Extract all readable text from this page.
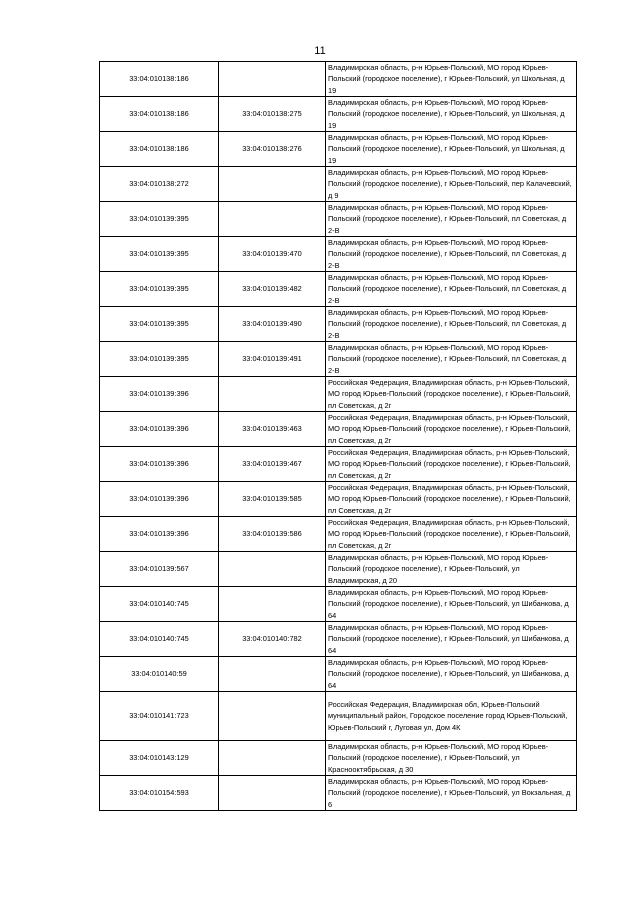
11
33:04:010138:186		Владимирская область, р-н Юрьев-Польский, МО город Юрьев-Польский (городское поселение), г Юрьев-Польский, ул Школьная, д 19
33:04:010138:186	33:04:010138:275	Владимирская область, р-н Юрьев-Польский, МО город Юрьев-Польский (городское поселение), г Юрьев-Польский, ул Школьная, д 19
33:04:010138:186	33:04:010138:276	Владимирская область, р-н Юрьев-Польский, МО город Юрьев-Польский (городское поселение), г Юрьев-Польский, ул Школьная, д 19
33:04:010138:272		Владимирская область, р-н Юрьев-Польский, МО город Юрьев-Польский (городское поселение), г Юрьев-Польский, пер Калачевский, д 9
33:04:010139:395		Владимирская область, р-н Юрьев-Польский, МО город Юрьев-Польский (городское поселение), г Юрьев-Польский, пл Советская, д 2-В
33:04:010139:395	33:04:010139:470	Владимирская область, р-н Юрьев-Польский, МО город Юрьев-Польский (городское поселение), г Юрьев-Польский, пл Советская, д 2-В
33:04:010139:395	33:04:010139:482	Владимирская область, р-н Юрьев-Польский, МО город Юрьев-Польский (городское поселение), г Юрьев-Польский, пл Советская, д 2-В
33:04:010139:395	33:04:010139:490	Владимирская область, р-н Юрьев-Польский, МО город Юрьев-Польский (городское поселение), г Юрьев-Польский, пл Советская, д 2-В
33:04:010139:395	33:04:010139:491	Владимирская область, р-н Юрьев-Польский, МО город Юрьев-Польский (городское поселение), г Юрьев-Польский, пл Советская, д 2-В
33:04:010139:396		Российская Федерация, Владимирская область, р-н Юрьев-Польский, МО город Юрьев-Польский (городское поселение), г Юрьев-Польский, пл Советская, д 2г
33:04:010139:396	33:04:010139:463	Российская Федерация, Владимирская область, р-н Юрьев-Польский, МО город Юрьев-Польский (городское поселение), г Юрьев-Польский, пл Советская, д 2г
33:04:010139:396	33:04:010139:467	Российская Федерация, Владимирская область, р-н Юрьев-Польский, МО город Юрьев-Польский (городское поселение), г Юрьев-Польский, пл Советская, д 2г
33:04:010139:396	33:04:010139:585	Российская Федерация, Владимирская область, р-н Юрьев-Польский, МО город Юрьев-Польский (городское поселение), г Юрьев-Польский, пл Советская, д 2г
33:04:010139:396	33:04:010139:586	Российская Федерация, Владимирская область, р-н Юрьев-Польский, МО город Юрьев-Польский (городское поселение), г Юрьев-Польский, пл Советская, д 2г
33:04:010139:567		Владимирская область, р-н Юрьев-Польский, МО город Юрьев-Польский (городское поселение), г Юрьев-Польский, ул Владимирская, д 20
33:04:010140:745		Владимирская область, р-н Юрьев-Польский, МО город Юрьев-Польский (городское поселение), г Юрьев-Польский, ул Шибанкова, д 64
33:04:010140:745	33:04:010140:782	Владимирская область, р-н Юрьев-Польский, МО город Юрьев-Польский (городское поселение), г Юрьев-Польский, ул Шибанкова, д 64
33:04:010140:59		Владимирская область, р-н Юрьев-Польский, МО город Юрьев-Польский (городское поселение), г Юрьев-Польский, ул Шибанкова, д 64
33:04:010141:723		Российская Федерация, Владимирская обл, Юрьев-Польский муниципальный район, Городское поселение город Юрьев-Польский, Юрьев-Польский г, Луговая ул, Дом 4К
33:04:010143:129		Владимирская область, р-н Юрьев-Польский, МО город Юрьев-Польский (городское поселение), г Юрьев-Польский, ул Краснооктябрьская, д 30
33:04:010154:593		Владимирская область, р-н Юрьев-Польский, МО город Юрьев-Польский (городское поселение), г Юрьев-Польский, ул Вокзальная, д 6
